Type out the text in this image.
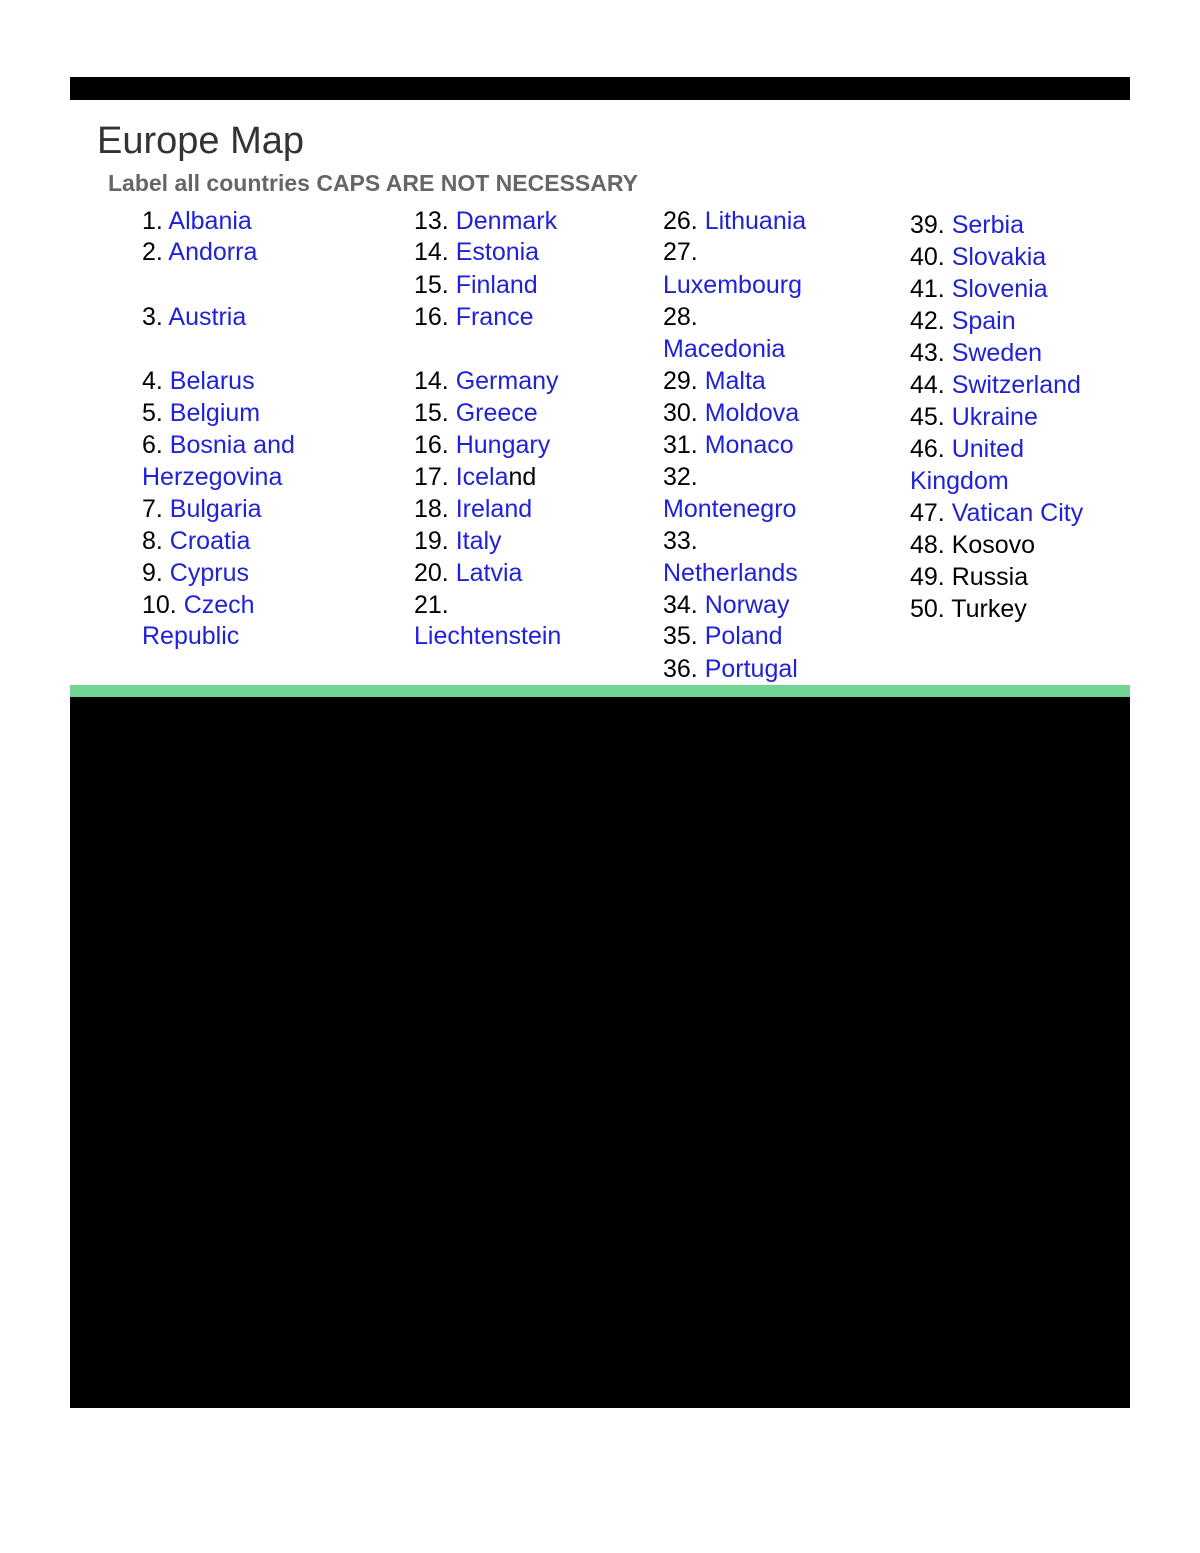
Europe Map
Label all countries CAPS ARE NOT NECESSARY
1. Albania
2. Andorra
3. Austria
4. Belarus
5. Belgium
6. Bosnia and
Herzegovina
7. Bulgaria
8. Croatia
9. Cyprus
10. Czech
Republic
13. Denmark
14. Estonia
15. Finland
16. France
14. Germany
15. Greece
16. Hungary
17. Iceland
18. Ireland
19. Italy
20. Latvia
21.
Liechtenstein
26. Lithuania
27.
Luxembourg
28.
Macedonia
29. Malta
30. Moldova
31. Monaco
32.
Montenegro
33.
Netherlands
34. Norway
35. Poland
36. Portugal
39. Serbia
40. Slovakia
41. Slovenia
42. Spain
43. Sweden
44. Switzerland
45. Ukraine
46. United
Kingdom
47. Vatican City
48. Kosovo
49. Russia
50. Turkey
